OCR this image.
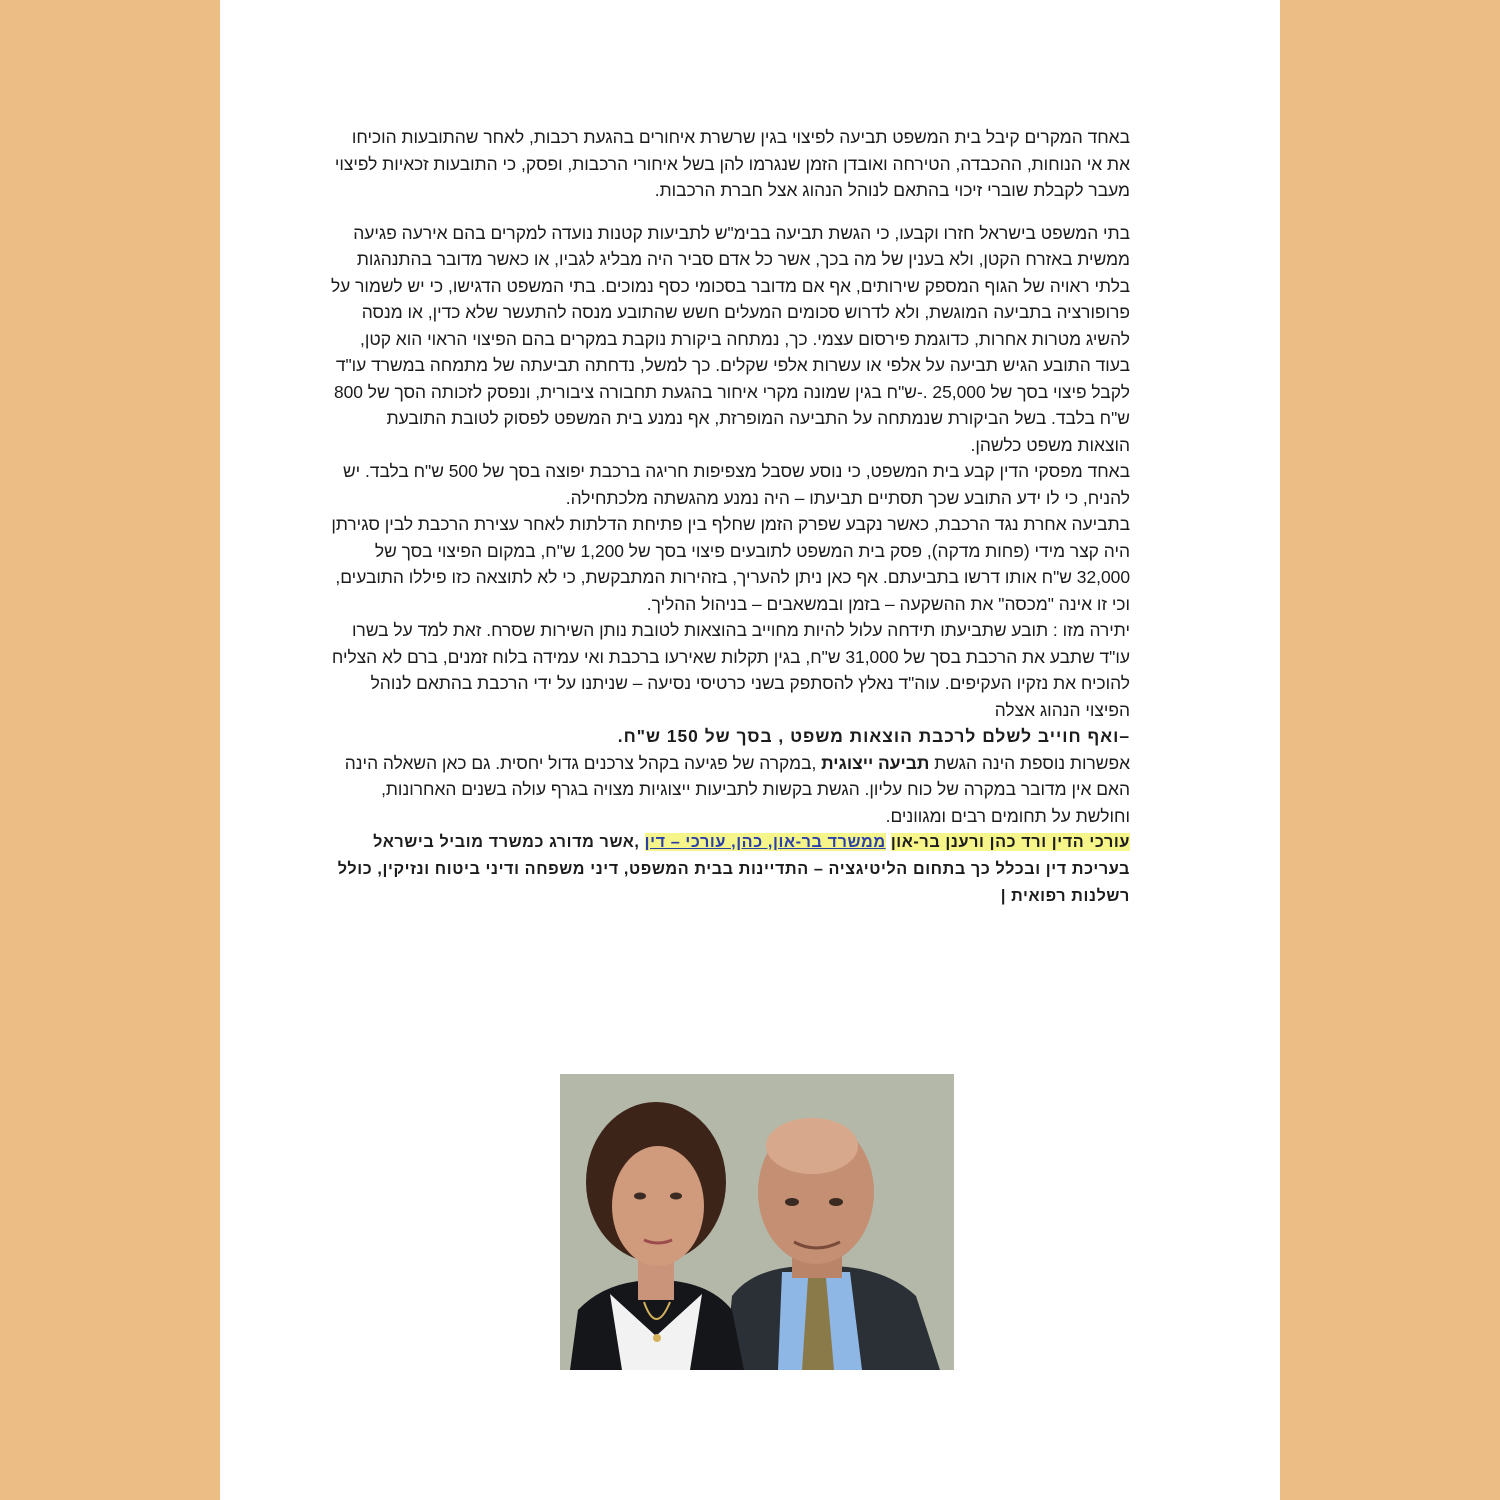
באחד המקרים קיבל בית המשפט תביעה לפיצוי בגין שרשרת איחורים בהגעת רכבות, לאחר שהתובעות הוכיחו את אי הנוחות, ההכבדה, הטירחה ואובדן הזמן שנגרמו להן בשל איחורי הרכבות, ופסק, כי התובעות זכאיות לפיצוי מעבר לקבלת שוברי זיכוי בהתאם לנוהל הנהוג אצל חברת הרכבות.

בתי המשפט בישראל חזרו וקבעו, כי הגשת תביעה בבימ"ש לתביעות קטנות נועדה למקרים בהם אירעה פגיעה ממשית באזרח הקטן, ולא בענין של מה בכך, אשר כל אדם סביר היה מבליג לגביו, או כאשר מדובר בהתנהגות בלתי ראויה של הגוף המספק שירותים, אף אם מדובר בסכומי כסף נמוכים. בתי המשפט הדגישו, כי יש לשמור על פרופורציה בתביעה המוגשת, ולא לדרוש סכומים המעלים חשש שהתובע מנסה להתעשר שלא כדין, או מנסה להשיג מטרות אחרות, כדוגמת פירסום עצמי. כך, נמתחה ביקורת נוקבת במקרים בהם הפיצוי הראוי הוא קטן, בעוד התובע הגיש תביעה על אלפי או עשרות אלפי שקלים. כך למשל, נדחתה תביעתה של מתמחה במשרד עו"ד לקבל פיצוי בסך של 25,000 .-ש"ח בגין שמונה מקרי איחור בהגעת תחבורה ציבורית, ונפסק לזכותה הסך של 800 ש"ח בלבד. בשל הביקורת שנמתחה על התביעה המופרזת, אף נמנע בית המשפט לפסוק לטובת התובעת הוצאות משפט כלשהן.

באחד מפסקי הדין קבע בית המשפט, כי נוסע שסבל מצפיפות חריגה ברכבת יפוצה בסך של 500 ש"ח בלבד. יש להניח, כי לו ידע התובע שכך תסתיים תביעתו – היה נמנע מהגשתה מלכתחילה.

בתביעה אחרת נגד הרכבת, כאשר נקבע שפרק הזמן שחלף בין פתיחת הדלתות לאחר עצירת הרכבת לבין סגירתן היה קצר מידי (פחות מדקה), פסק בית המשפט לתובעים פיצוי בסך של 1,200 ש"ח, במקום הפיצוי בסך של 32,000 ש"ח אותו דרשו בתביעתם. אף כאן ניתן להעריך, בזהירות המתבקשת, כי לא לתוצאה כזו פיללו התובעים, וכי זו אינה "מכסה" את ההשקעה – בזמן ובמשאבים – בניהול ההליך.

יתירה מזו : תובע שתביעתו תידחה עלול להיות מחוייב בהוצאות לטובת נותן השירות שסרח. זאת למד על בשרו עו"ד שתבע את הרכבת בסך של 31,000 ש"ח, בגין תקלות שאירעו ברכבת ואי עמידה בלוח זמנים, ברם לא הצליח להוכיח את נזקיו העקיפים. עוה"ד נאלץ להסתפק בשני כרטיסי נסיעה – שניתנו על ידי הרכבת בהתאם לנוהל הפיצוי הנהוג אצלה

–ואף חוייב לשלם לרכבת הוצאות משפט , בסך של 150 ש"ח.

אפשרות נוספת הינה הגשת תביעה ייצוגית ,במקרה של פגיעה בקהל צרכנים גדול יחסית. גם כאן השאלה הינה האם אין מדובר במקרה של כוח עליון. הגשת בקשות לתביעות ייצוגיות מצויה בגרף עולה בשנים האחרונות, וחולשת על תחומים רבים ומגוונים.

עורכי הדין ורד כהן ורענן בר-און ממשרד בר-און, כהן, עורכי – דין ,אשר מדורג כמשרד מוביל בישראל בעריכת דין ובכלל כך בתחום הליטיגציה – התדיינות בבית המשפט, דיני משפחה ודיני ביטוח ונזיקין, כולל רשלנות רפואית |
